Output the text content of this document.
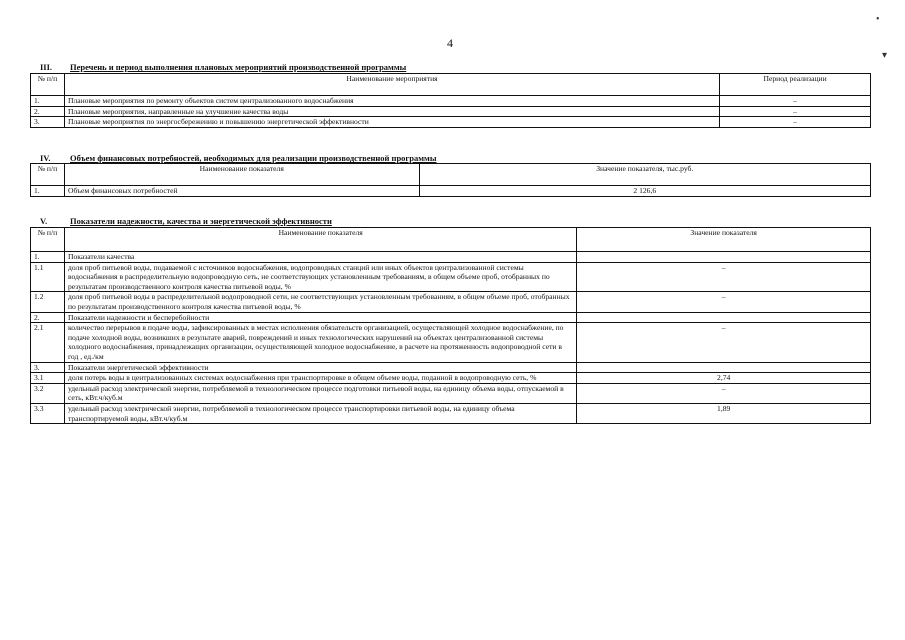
4
•
▾
III. Перечень и период выполнения плановых мероприятий производственной программы
№ п/п	Наименование мероприятия	Период реализации
1.	Плановые мероприятия по ремонту объектов систем централизованного водоснабжения	–
2.	Плановые мероприятия, направленные на улучшение качества воды	–
3.	Плановые мероприятия по энергосбережению и повышению энергетической эффективности	–
IV. Объем финансовых потребностей, необходимых для реализации производственной программы
№ п/п	Наименование показателя	Значение показателя, тыс.руб.
1.	Объем финансовых потребностей	2 126,6
V.	Показатели надежности, качества и энергетической эффективности
№ п/п	Наименование показателя	Значение показателя
1.	Показатели качества	
1.1	доля проб питьевой воды, подаваемой с источников водоснабжения, водопроводных станций или иных объектов централизованной системы водоснабжения в распределительную водопроводную сеть, не соответствующих установленным требованиям, в общем объеме проб, отобранных по результатам производственного контроля качества питьевой воды, %	–
1.2	доля проб питьевой воды в распределительной водопроводной сети, не соответствующих установленным требованиям, в общем объеме проб, отобранных по результатам производственного контроля качества питьевой воды, %	–
2.	Показатели надежности и бесперебойности	
2.1	количество перерывов в подаче воды, зафиксированных в местах исполнения обязательств организацией, осуществляющей холодное водоснабжение, по подаче холодной воды, возникших в результате аварий, повреждений и иных технологических нарушений на объектах централизованной системы холодного водоснабжения, принадлежащих организации, осуществляющей холодное водоснабжение, в расчете на протяженность водопроводной сети в год , ед./км	–
3.	Показатели энергетической эффективности	
3.1	доля потерь воды в централизованных системах водоснабжения при транспортировке в общем объеме воды, поданной в водопроводную сеть, %	2,74
3.2	удельный расход электрической энергии, потребляемой в технологическом процессе подготовки питьевой воды, на единицу объема воды, отпускаемой в сеть, кВт.ч/куб.м	–
3.3	удельный расход электрической энергии, потребляемой в технологическом процессе транспортировки питьевой воды, на единицу объема транспортируемой воды, кВт.ч/куб.м	1,89
